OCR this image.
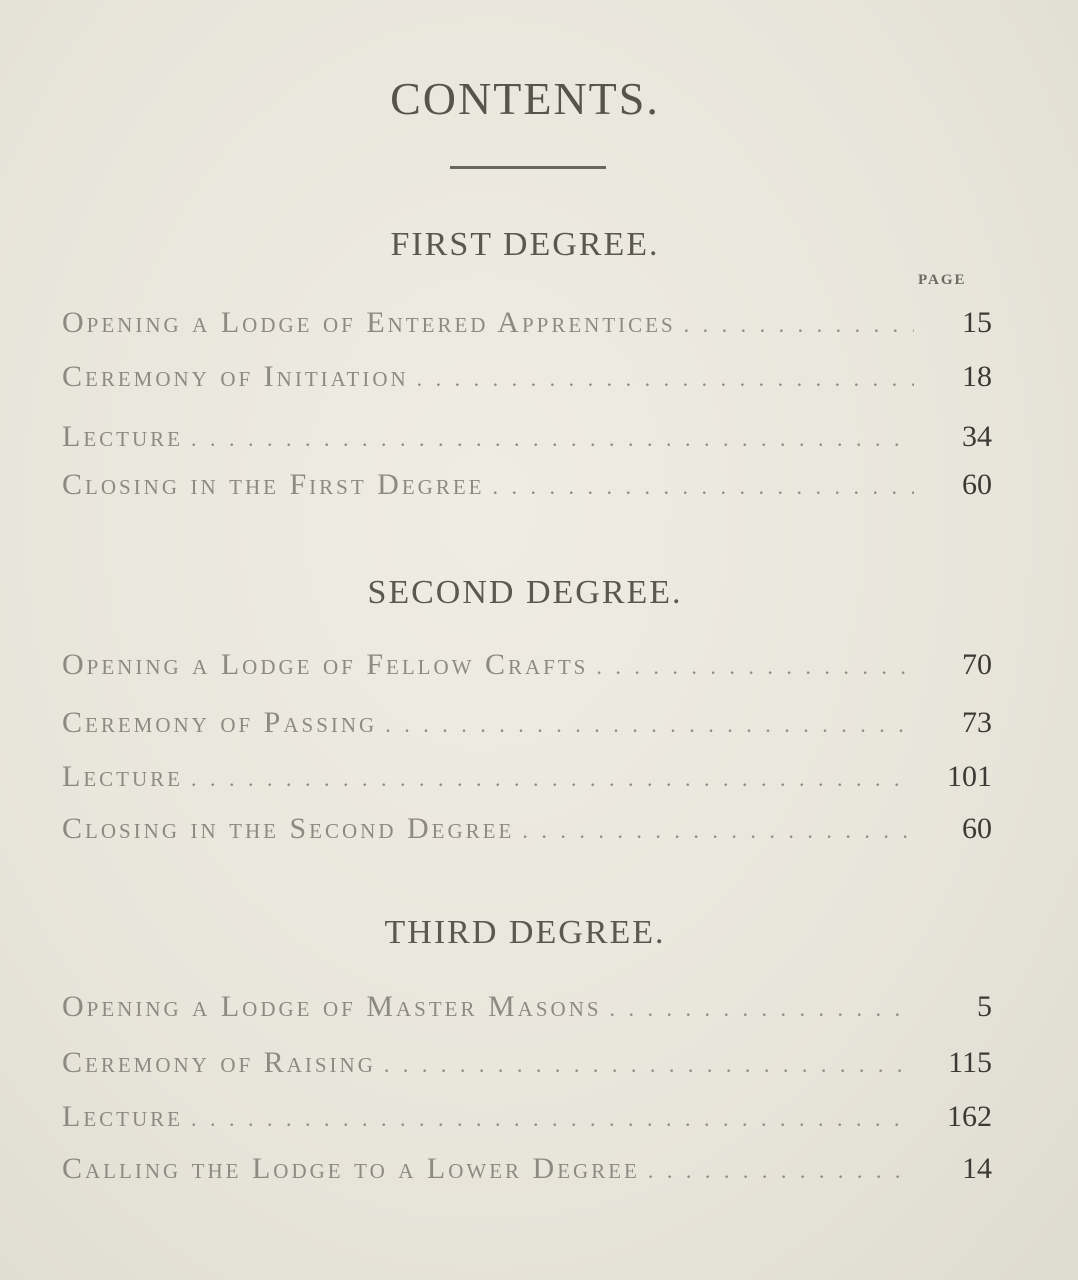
CONTENTS.
FIRST DEGREE.
PAGE
Opening a Lodge of Entered Apprentices . . .	15
Ceremony of Initiation . . .	18
Lecture . . .	34
Closing in the First Degree . . .	60
SECOND DEGREE.
Opening a Lodge of Fellow Crafts . . .	70
Ceremony of Passing . . .	73
Lecture . . .	101
Closing in the Second Degree . . .	60
THIRD DEGREE.
Opening a Lodge of Master Masons . . .	5
Ceremony of Raising . . .	115
Lecture . . .	162
Calling the Lodge to a Lower Degree . . .	14
